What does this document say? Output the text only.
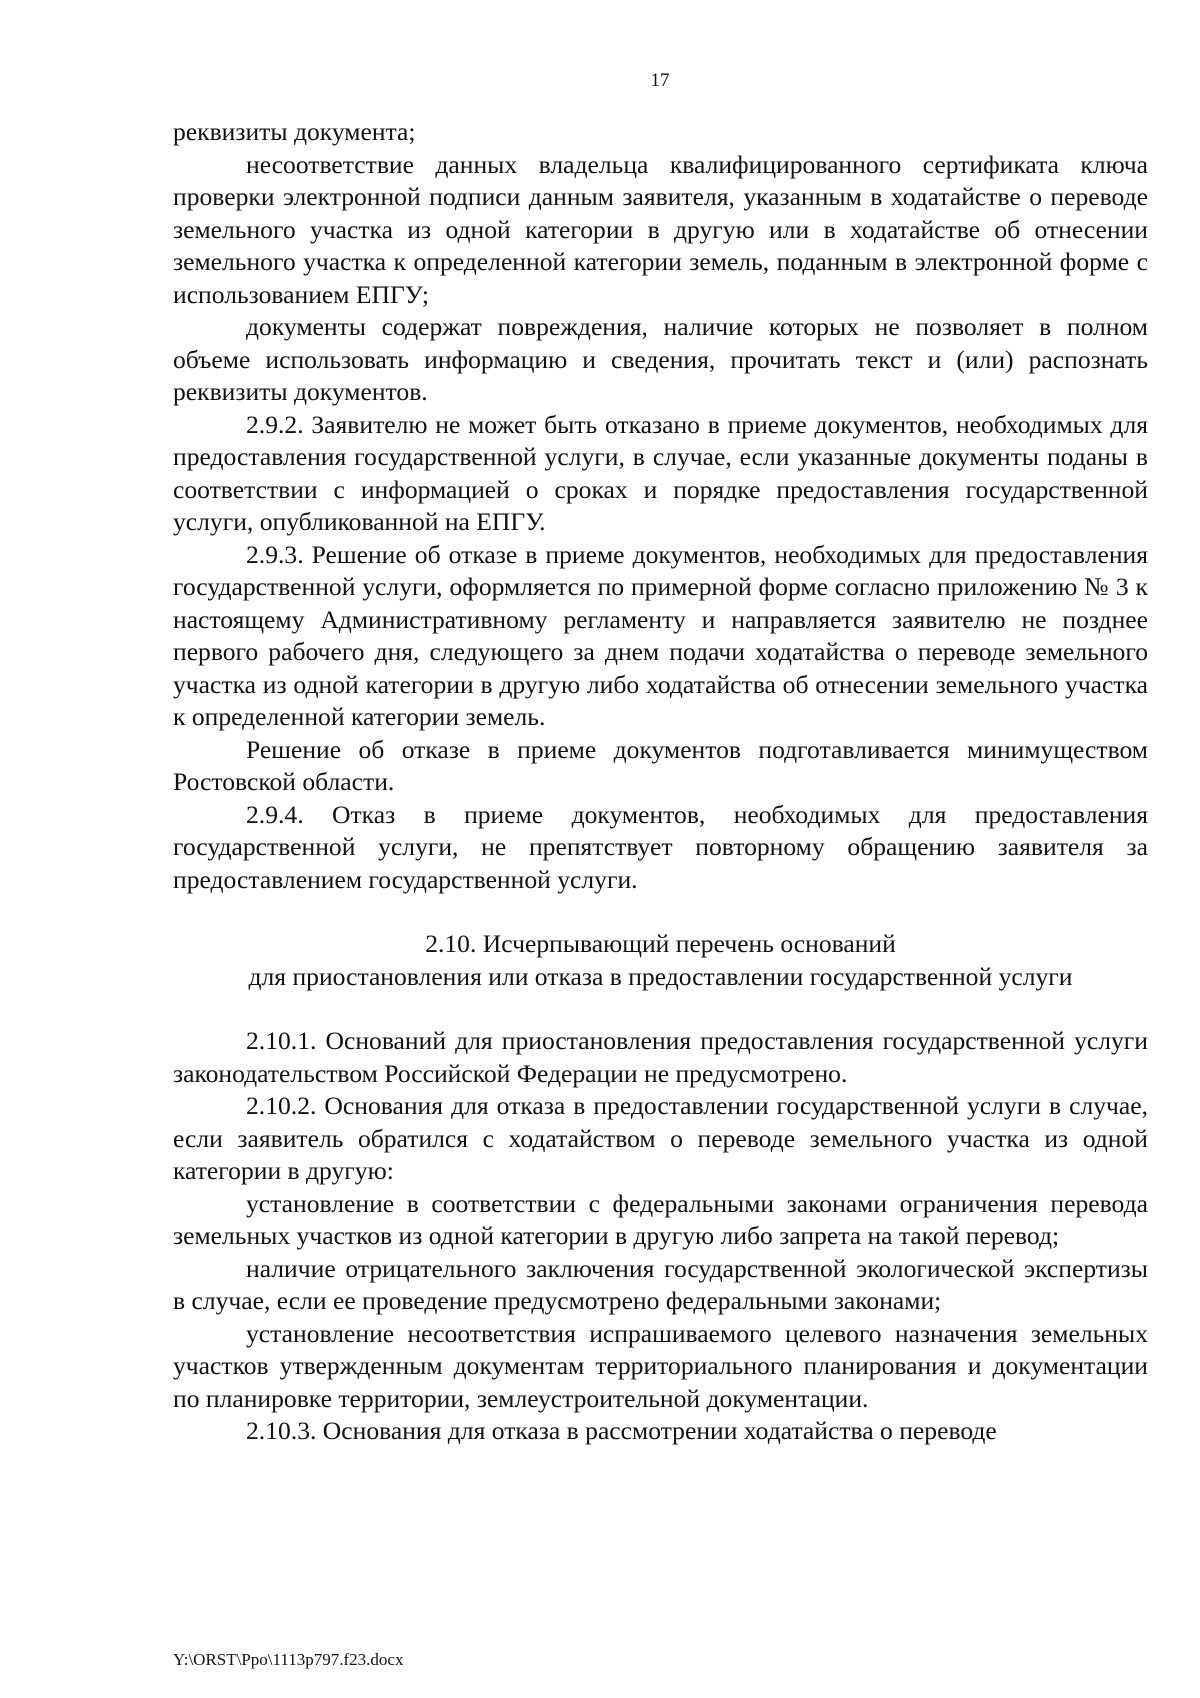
17

реквизиты документа;

несоответствие данных владельца квалифицированного сертификата ключа проверки электронной подписи данным заявителя, указанным в ходатайстве о переводе земельного участка из одной категории в другую или в ходатайстве об отнесении земельного участка к определенной категории земель, поданным в электронной форме с использованием ЕПГУ;

документы содержат повреждения, наличие которых не позволяет в полном объеме использовать информацию и сведения, прочитать текст и (или) распознать реквизиты документов.

2.9.2. Заявителю не может быть отказано в приеме документов, необходимых для предоставления государственной услуги, в случае, если указанные документы поданы в соответствии с информацией о сроках и порядке предоставления государственной услуги, опубликованной на ЕПГУ.

2.9.3. Решение об отказе в приеме документов, необходимых для предоставления государственной услуги, оформляется по примерной форме согласно приложению № 3 к настоящему Административному регламенту и направляется заявителю не позднее первого рабочего дня, следующего за днем подачи ходатайства о переводе земельного участка из одной категории в другую либо ходатайства об отнесении земельного участка к определенной категории земель.

Решение об отказе в приеме документов подготавливается минимуществом Ростовской области.

2.9.4. Отказ в приеме документов, необходимых для предоставления государственной услуги, не препятствует повторному обращению заявителя за предоставлением государственной услуги.

2.10. Исчерпывающий перечень оснований

для приостановления или отказа в предоставлении государственной услуги

2.10.1. Оснований для приостановления предоставления государственной услуги законодательством Российской Федерации не предусмотрено.

2.10.2. Основания для отказа в предоставлении государственной услуги в случае, если заявитель обратился с ходатайством о переводе земельного участка из одной категории в другую:

установление в соответствии с федеральными законами ограничения перевода земельных участков из одной категории в другую либо запрета на такой перевод;

наличие отрицательного заключения государственной экологической экспертизы в случае, если ее проведение предусмотрено федеральными законами;

установление несоответствия испрашиваемого целевого назначения земельных участков утвержденным документам территориального планирования и документации по планировке территории, землеустроительной документации.

2.10.3. Основания для отказа в рассмотрении ходатайства о переводе

Y:\ORST\Ppo\1113p797.f23.docx
